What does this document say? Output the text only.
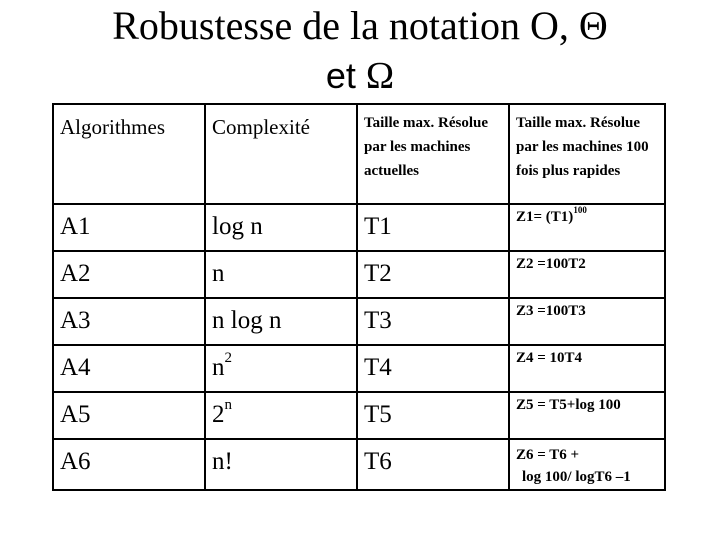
Robustesse de la notation O, Θ
et Ω
Algorithmes	Complexité	Taille max. Résolue par les machines actuelles	Taille max. Résolue par les machines 100 fois plus rapides
A1	log n	T1	$Z1= (T1)^{100}$
A2	n	T2	Z2 =100T2
A3	n log n	T3	Z3 =100T3
A4	$n^2$	T4	Z4 = 10T4
A5	2$^n$	T5	Z5 = T5+log 100
A6	n!	T6	Z6 = T6 +
log 100/ logT6 –1
